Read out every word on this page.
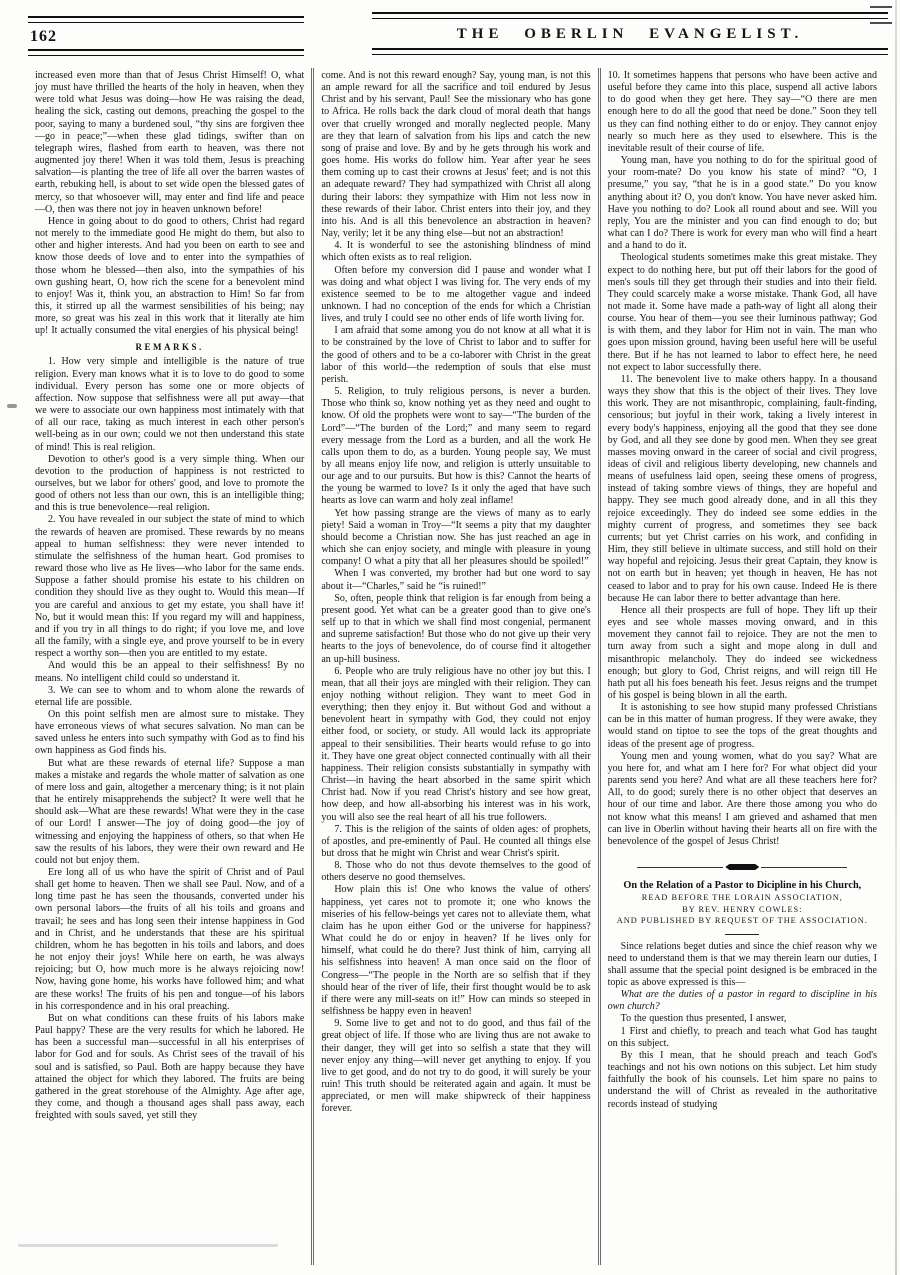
162	THE OBERLIN EVANGELIST.

increased even more than that of Jesus Christ Himself! O, what joy must have thrilled the hearts of the holy in heaven, when they were told what Jesus was doing—how He was raising the dead, healing the sick, casting out demons, preaching the gospel to the poor, saying to many a burdened soul, “thy sins are forgiven thee—go in peace;”—when these glad tidings, swifter than on telegraph wires, flashed from earth to heaven, was there not augmented joy there! When it was told them, Jesus is preaching salvation—is planting the tree of life all over the barren wastes of earth, rebuking hell, is about to set wide open the blessed gates of mercy, so that whosoever will, may enter and find life and peace—O, then was there not joy in heaven unknown before!

Hence in going about to do good to others, Christ had regard not merely to the immediate good He might do them, but also to other and higher interests. And had you been on earth to see and know those deeds of love and to enter into the sympathies of those whom he blessed—then also, into the sympathies of his own gushing heart, O, how rich the scene for a benevolent mind to enjoy! Was it, think you, an abstraction to Him! So far from this, it stirred up all the warmest sensibilities of his being; nay more, so great was his zeal in this work that it literally ate him up! It actually consumed the vital energies of his physical being!

REMARKS.

1. How very simple and intelligible is the nature of true religion. Every man knows what it is to love to do good to some individual. Every person has some one or more objects of affection. Now suppose that selfishness were all put away—that we were to associate our own happiness most intimately with that of all our race, taking as much interest in each other person's well-being as in our own; could we not then understand this state of mind! This is real religion.

Devotion to other's good is a very simple thing. When our devotion to the production of happiness is not restricted to ourselves, but we labor for others' good, and love to promote the good of others not less than our own, this is an intelligible thing; and this is true benevolence—real religion.

2. You have revealed in our subject the state of mind to which the rewards of heaven are promised. These rewards by no means appeal to human selfishness: they were never intended to stimulate the selfishness of the human heart. God promises to reward those who live as He lives—who labor for the same ends. Suppose a father should promise his estate to his children on condition they should live as they ought to. Would this mean—If you are careful and anxious to get my estate, you shall have it! No, but it would mean this: If you regard my will and happiness, and if you try in all things to do right; if you love me, and love all the family, with a single eye, and prove yourself to be in every respect a worthy son—then you are entitled to my estate.

And would this be an appeal to their selfishness! By no means. No intelligent child could so understand it.

3. We can see to whom and to whom alone the rewards of eternal life are possible.

On this point selfish men are almost sure to mistake. They have erroneous views of what secures salvation. No man can be saved unless he enters into such sympathy with God as to find his own happiness as God finds his.

But what are these rewards of eternal life? Suppose a man makes a mistake and regards the whole matter of salvation as one of mere loss and gain, altogether a mercenary thing; is it not plain that he entirely misapprehends the subject? It were well that he should ask—What are these rewards! What were they in the case of our Lord! I answer—The joy of doing good—the joy of witnessing and enjoying the happiness of others, so that when He saw the results of his labors, they were their own reward and He could not but enjoy them.

Ere long all of us who have the spirit of Christ and of Paul shall get home to heaven. Then we shall see Paul. Now, and of a long time past he has seen the thousands, converted under his own personal labors—the fruits of all his toils and groans and travail; he sees and has long seen their intense happiness in God and in Christ, and he understands that these are his spiritual children, whom he has begotten in his toils and labors, and does he not enjoy their joys! While here on earth, he was always rejoicing; but O, how much more is he always rejoicing now! Now, having gone home, his works have followed him; and what are these works! The fruits of his pen and tongue—of his labors in his correspondence and in his oral preaching.

But on what conditions can these fruits of his labors make Paul happy? These are the very results for which he labored. He has been a successful man—successful in all his enterprises of labor for God and for souls. As Christ sees of the travail of his soul and is satisfied, so Paul. Both are happy because they have attained the object for which they labored. The fruits are being gathered in the great storehouse of the Almighty. Age after age, they come, and though a thousand ages shall pass away, each freighted with souls saved, yet still they

come. And is not this reward enough? Say, young man, is not this an ample reward for all the sacrifice and toil endured by Jesus Christ and by his servant, Paul! See the missionary who has gone to Africa. He rolls back the dark cloud of moral death that hangs over that cruelly wronged and morally neglected people. Many are they that learn of salvation from his lips and catch the new song of praise and love. By and by he gets through his work and goes home. His works do follow him. Year after year he sees them coming up to cast their crowns at Jesus' feet; and is not this an adequate reward? They had sympathized with Christ all along during their labors: they sympathize with Him not less now in these rewards of their labor. Christ enters into their joy, and they into his. And is all this benevolence an abstraction in heaven? Nay, verily; let it be any thing else—but not an abstraction!

4. It is wonderful to see the astonishing blindness of mind which often exists as to real religion.

Often before my conversion did I pause and wonder what I was doing and what object I was living for. The very ends of my existence seemed to be to me altogether vague and indeed unknown. I had no conception of the ends for which a Christian lives, and truly I could see no other ends of life worth living for.

I am afraid that some among you do not know at all what it is to be constrained by the love of Christ to labor and to suffer for the good of others and to be a co-laborer with Christ in the great labor of this world—the redemption of souls that else must perish.

5. Religion, to truly religious persons, is never a burden. Those who think so, know nothing yet as they need and ought to know. Of old the prophets were wont to say—“The burden of the Lord”—“The burden of the Lord;” and many seem to regard every message from the Lord as a burden, and all the work He calls upon them to do, as a burden. Young people say, We must by all means enjoy life now, and religion is utterly unsuitable to our age and to our pursuits. But how is this? Cannot the hearts of the young be warmed to love? Is it only the aged that have such hearts as love can warm and holy zeal inflame!

Yet how passing strange are the views of many as to early piety! Said a woman in Troy—“It seems a pity that my daughter should become a Christian now. She has just reached an age in which she can enjoy society, and mingle with pleasure in young company! O what a pity that all her pleasures should be spoiled!”

When I was converted, my brother had but one word to say about it—“Charles,” said he “is ruined!”

So, often, people think that religion is far enough from being a present good. Yet what can be a greater good than to give one's self up to that in which we shall find most congenial, permanent and supreme satisfaction! But those who do not give up their very hearts to the joys of benevolence, do of course find it altogether an up-hill business.

6. People who are truly religious have no other joy but this. I mean, that all their joys are mingled with their religion. They can enjoy nothing without religion. They want to meet God in everything; then they enjoy it. But without God and without a benevolent heart in sympathy with God, they could not enjoy either food, or society, or study. All would lack its appropriate appeal to their sensibilities. Their hearts would refuse to go into it. They have one great object connected continually with all their happiness. Their religion consists substantially in sympathy with Christ—in having the heart absorbed in the same spirit which Christ had. Now if you read Christ's history and see how great, how deep, and how all-absorbing his interest was in his work, you will also see the real heart of all his true followers.

7. This is the religion of the saints of olden ages: of prophets, of apostles, and pre-eminently of Paul. He counted all things else but dross that he might win Christ and wear Christ's spirit.

8. Those who do not thus devote themselves to the good of others deserve no good themselves.

How plain this is! One who knows the value of others' happiness, yet cares not to promote it; one who knows the miseries of his fellow-beings yet cares not to alleviate them, what claim has he upon either God or the universe for happiness? What could he do or enjoy in heaven? If he lives only for himself, what could he do there? Just think of him, carrying all his selfishness into heaven! A man once said on the floor of Congress—“The people in the North are so selfish that if they should hear of the river of life, their first thought would be to ask if there were any mill-seats on it!” How can minds so steeped in selfishness be happy even in heaven!

9. Some live to get and not to do good, and thus fail of the great object of life. If those who are living thus are not awake to their danger, they will get into so selfish a state that they will never enjoy any thing—will never get anything to enjoy. If you live to get good, and do not try to do good, it will surely be your ruin! This truth should be reiterated again and again. It must be appreciated, or men will make shipwreck of their happiness forever.

10. It sometimes happens that persons who have been active and useful before they came into this place, suspend all active labors to do good when they get here. They say—“O there are men enough here to do all the good that need be done.” Soon they tell us they can find nothing either to do or enjoy. They cannot enjoy nearly so much here as they used to elsewhere. This is the inevitable result of their course of life.

Young man, have you nothing to do for the spiritual good of your room-mate? Do you know his state of mind? “O, I presume,” you say, “that he is in a good state.” Do you know anything about it? O, you don't know. You have never asked him. Have you nothing to do? Look all round about and see. Will you reply, You are the minister and you can find enough to do; but what can I do? There is work for every man who will find a heart and a hand to do it.

Theological students sometimes make this great mistake. They expect to do nothing here, but put off their labors for the good of men's souls till they get through their studies and into their field. They could scarcely make a worse mistake. Thank God, all have not made it. Some have made a path-way of light all along their course. You hear of them—you see their luminous pathway; God is with them, and they labor for Him not in vain. The man who goes upon mission ground, having been useful here will be useful there. But if he has not learned to labor to effect here, he need not expect to labor successfully there.

11. The benevolent live to make others happy. In a thousand ways they show that this is the object of their lives. They love this work. They are not misanthropic, complaining, fault-finding, censorious; but joyful in their work, taking a lively interest in every body's happiness, enjoying all the good that they see done by God, and all they see done by good men. When they see great masses moving onward in the career of social and civil progress, ideas of civil and religious liberty developing, new channels and means of usefulness laid open, seeing these omens of progress, instead of taking sombre views of things, they are hopeful and happy. They see much good already done, and in all this they rejoice exceedingly. They do indeed see some eddies in the mighty current of progress, and sometimes they see back currents; but yet Christ carries on his work, and confiding in Him, they still believe in ultimate success, and still hold on their way hopeful and rejoicing. Jesus their great Captain, they know is not on earth but in heaven; yet though in heaven, He has not ceased to labor and to pray for his own cause. Indeed He is there because He can labor there to better advantage than here.

Hence all their prospects are full of hope. They lift up their eyes and see whole masses moving onward, and in this movement they cannot fail to rejoice. They are not the men to turn away from such a sight and mope along in dull and misanthropic melancholy. They do indeed see wickedness enough; but glory to God, Christ reigns, and will reign till He hath put all his foes beneath his feet. Jesus reigns and the trumpet of his gospel is being blown in all the earth.

It is astonishing to see how stupid many professed Christians can be in this matter of human progress. If they were awake, they would stand on tiptoe to see the tops of the great thoughts and ideas of the present age of progress.

Young men and young women, what do you say? What are you here for, and what am I here for? For what object did your parents send you here? And what are all these teachers here for? All, to do good; surely there is no other object that deserves an hour of our time and labor. Are there those among you who do not know what this means! I am grieved and ashamed that men can live in Oberlin without having their hearts all on fire with the benevolence of the gospel of Jesus Christ!

On the Relation of a Pastor to Dicipline in his Church,
READ BEFORE THE LORAIN ASSOCIATION,
BY REV. HENRY COWLES:
AND PUBLISHED BY REQUEST OF THE ASSOCIATION.

Since relations beget duties and since the chief reason why we need to understand them is that we may therein learn our duties, I shall assume that the special point designed is be embraced in the topic as above expressed is this—

What are the duties of a pastor in regard to discipline in his own church?

To the question thus presented, I answer,

1 First and chiefly, to preach and teach what God has taught on this subject.

By this I mean, that he should preach and teach God's teachings and not his own notions on this subject. Let him study faithfully the book of his counsels. Let him spare no pains to understand the will of Christ as revealed in the authoritative records instead of studying
